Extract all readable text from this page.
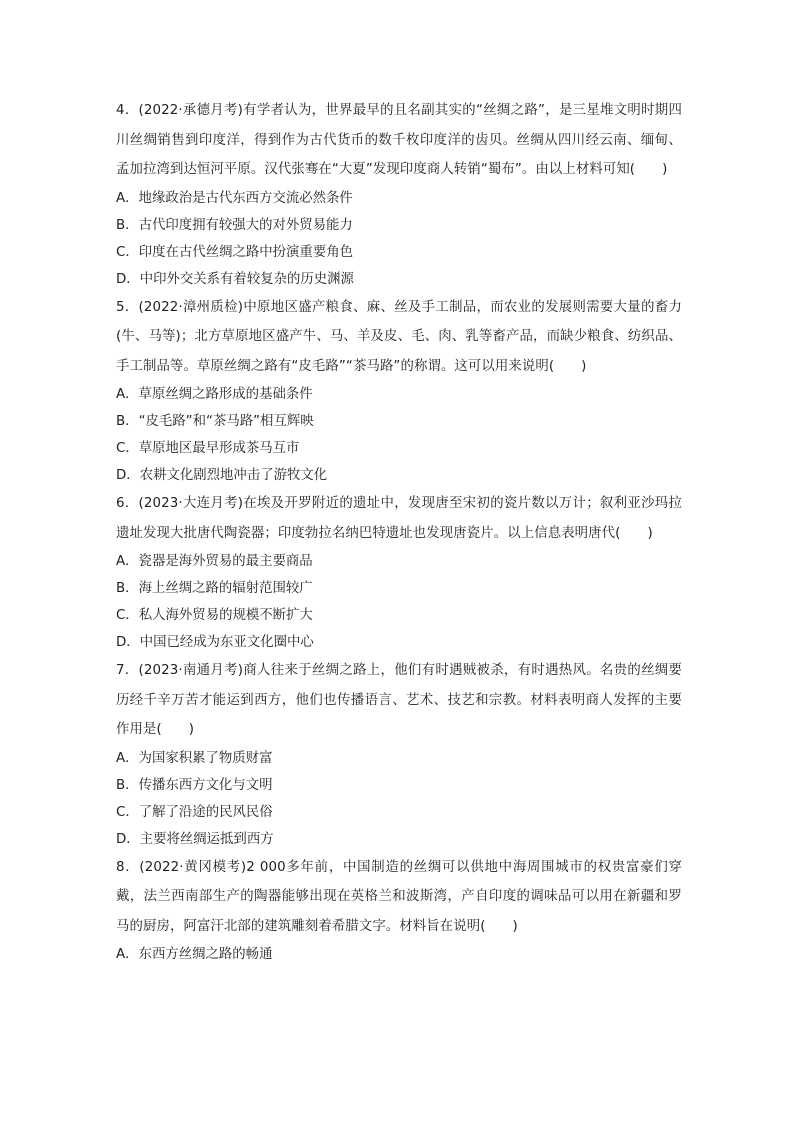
4．(2022·承德月考)有学者认为，世界最早的且名副其实的“丝绸之路”，是三星堆文明时期四川丝绸销售到印度洋，得到作为古代货币的数千枚印度洋的齿贝。丝绸从四川经云南、缅甸、孟加拉湾到达恒河平原。汉代张骞在“大夏”发现印度商人转销“蜀布”。由以上材料可知(　　)

A．地缘政治是古代东西方交流必然条件
B．古代印度拥有较强大的对外贸易能力
C．印度在古代丝绸之路中扮演重要角色
D．中印外交关系有着较复杂的历史渊源

5．(2022·漳州质检)中原地区盛产粮食、麻、丝及手工制品，而农业的发展则需要大量的畜力(牛、马等)；北方草原地区盛产牛、马、羊及皮、毛、肉、乳等畜产品，而缺少粮食、纺织品、手工制品等。草原丝绸之路有“皮毛路”“茶马路”的称谓。这可以用来说明(　　)

A．草原丝绸之路形成的基础条件
B．“皮毛路”和“茶马路”相互辉映
C．草原地区最早形成茶马互市
D．农耕文化剧烈地冲击了游牧文化

6．(2023·大连月考)在埃及开罗附近的遗址中，发现唐至宋初的瓷片数以万计；叙利亚沙玛拉遗址发现大批唐代陶瓷器；印度勃拉名纳巴特遗址也发现唐瓷片。以上信息表明唐代(　　)

A．瓷器是海外贸易的最主要商品
B．海上丝绸之路的辐射范围较广
C．私人海外贸易的规模不断扩大
D．中国已经成为东亚文化圈中心

7．(2023·南通月考)商人往来于丝绸之路上，他们有时遇贼被杀，有时遇热风。名贵的丝绸要历经千辛万苦才能运到西方，他们也传播语言、艺术、技艺和宗教。材料表明商人发挥的主要作用是(　　)

A．为国家积累了物质财富
B．传播东西方文化与文明
C．了解了沿途的民风民俗
D．主要将丝绸运抵到西方

8．(2022·黄冈模考)2 000多年前，中国制造的丝绸可以供地中海周围城市的权贵富豪们穿戴，法兰西南部生产的陶器能够出现在英格兰和波斯湾，产自印度的调味品可以用在新疆和罗马的厨房，阿富汗北部的建筑雕刻着希腊文字。材料旨在说明(　　)

A．东西方丝绸之路的畅通
